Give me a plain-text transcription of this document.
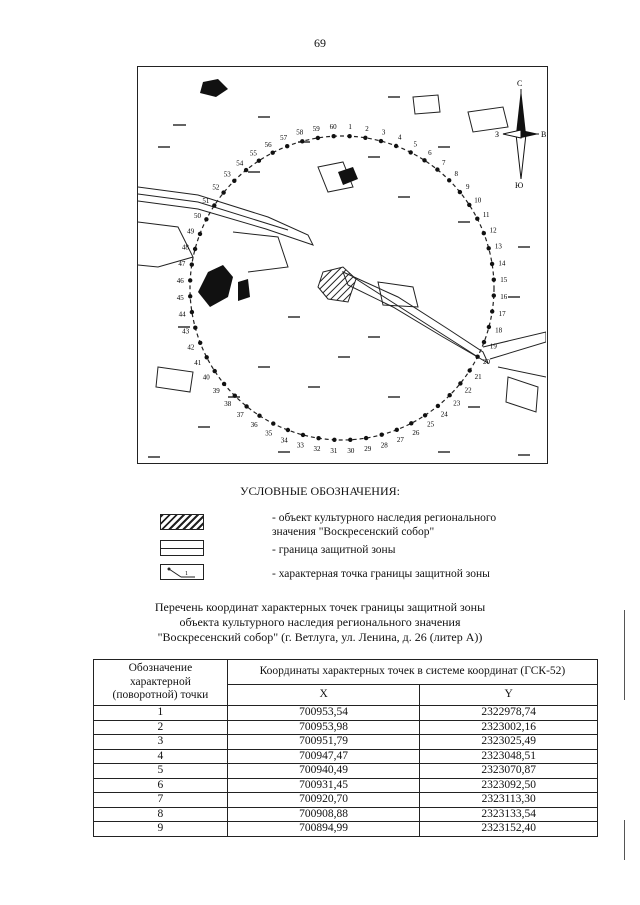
69
С
Ю
З	В
1 2 3
4
5
6
7
8
9
10
11
12
13
14
15
16
17
18
19
20
21
22
23
24
25
26
27
28
29
30
31
32
33
34
35
36
37
38
39
40
41
42
43
44
45
46
47
48
49
50
51
52
53
54
55
56
57
58 59 60
УСЛОВНЫЕ ОБОЗНАЧЕНИЯ:
- объект культурного наследия регионального
значения "Воскресенский собор"
- граница защитной зоны
1	- характерная точка границы защитной зоны
Перечень координат характерных точек границы защитной зоны
объекта культурного наследия регионального значения
"Воскресенский собор" (г. Ветлуга, ул. Ленина, д. 26 (литер А))
Обозначение характерной (поворотной) точки	Координаты характерных точек в системе координат (ГСК-52)	
	X	Y
1	700953,54	2322978,74
2	700953,98	2323002,16
3	700951,79	2323025,49
4	700947,47	2323048,51
5	700940,49	2323070,87
6	700931,45	2323092,50
7	700920,70	2323113,30
8	700908,88	2323133,54
9	700894,99	2323152,40
